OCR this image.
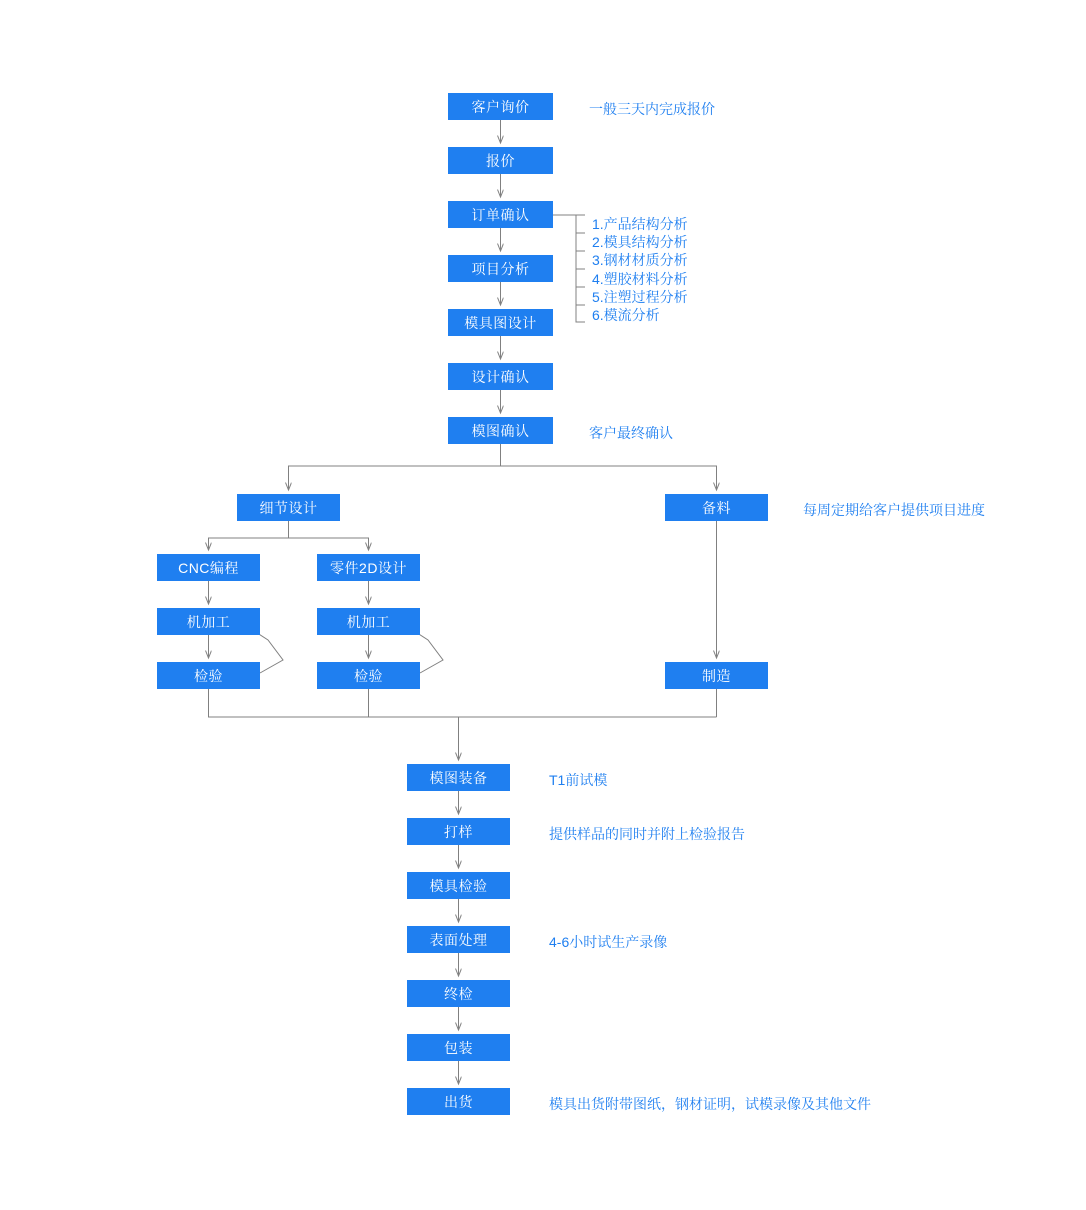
客户询价
报价
订单确认
项目分析
模具图设计
设计确认
模图确认
细节设计	备料
CNC编程	零件2D设计
机加工	机加工
检验	检验	制造
模图装备
打样
模具检验
表面处理
终检
包装
出货
一般三天内完成报价
客户最终确认
每周定期给客户提供项目进度
T1前试模
提供样品的同时并附上检验报告
4-6小时试生产录像
模具出货附带图纸，钢材证明，试模录像及其他文件
1.产品结构分析
2.模具结构分析
3.钢材材质分析
4.塑胶材料分析
5.注塑过程分析
6.模流分析
